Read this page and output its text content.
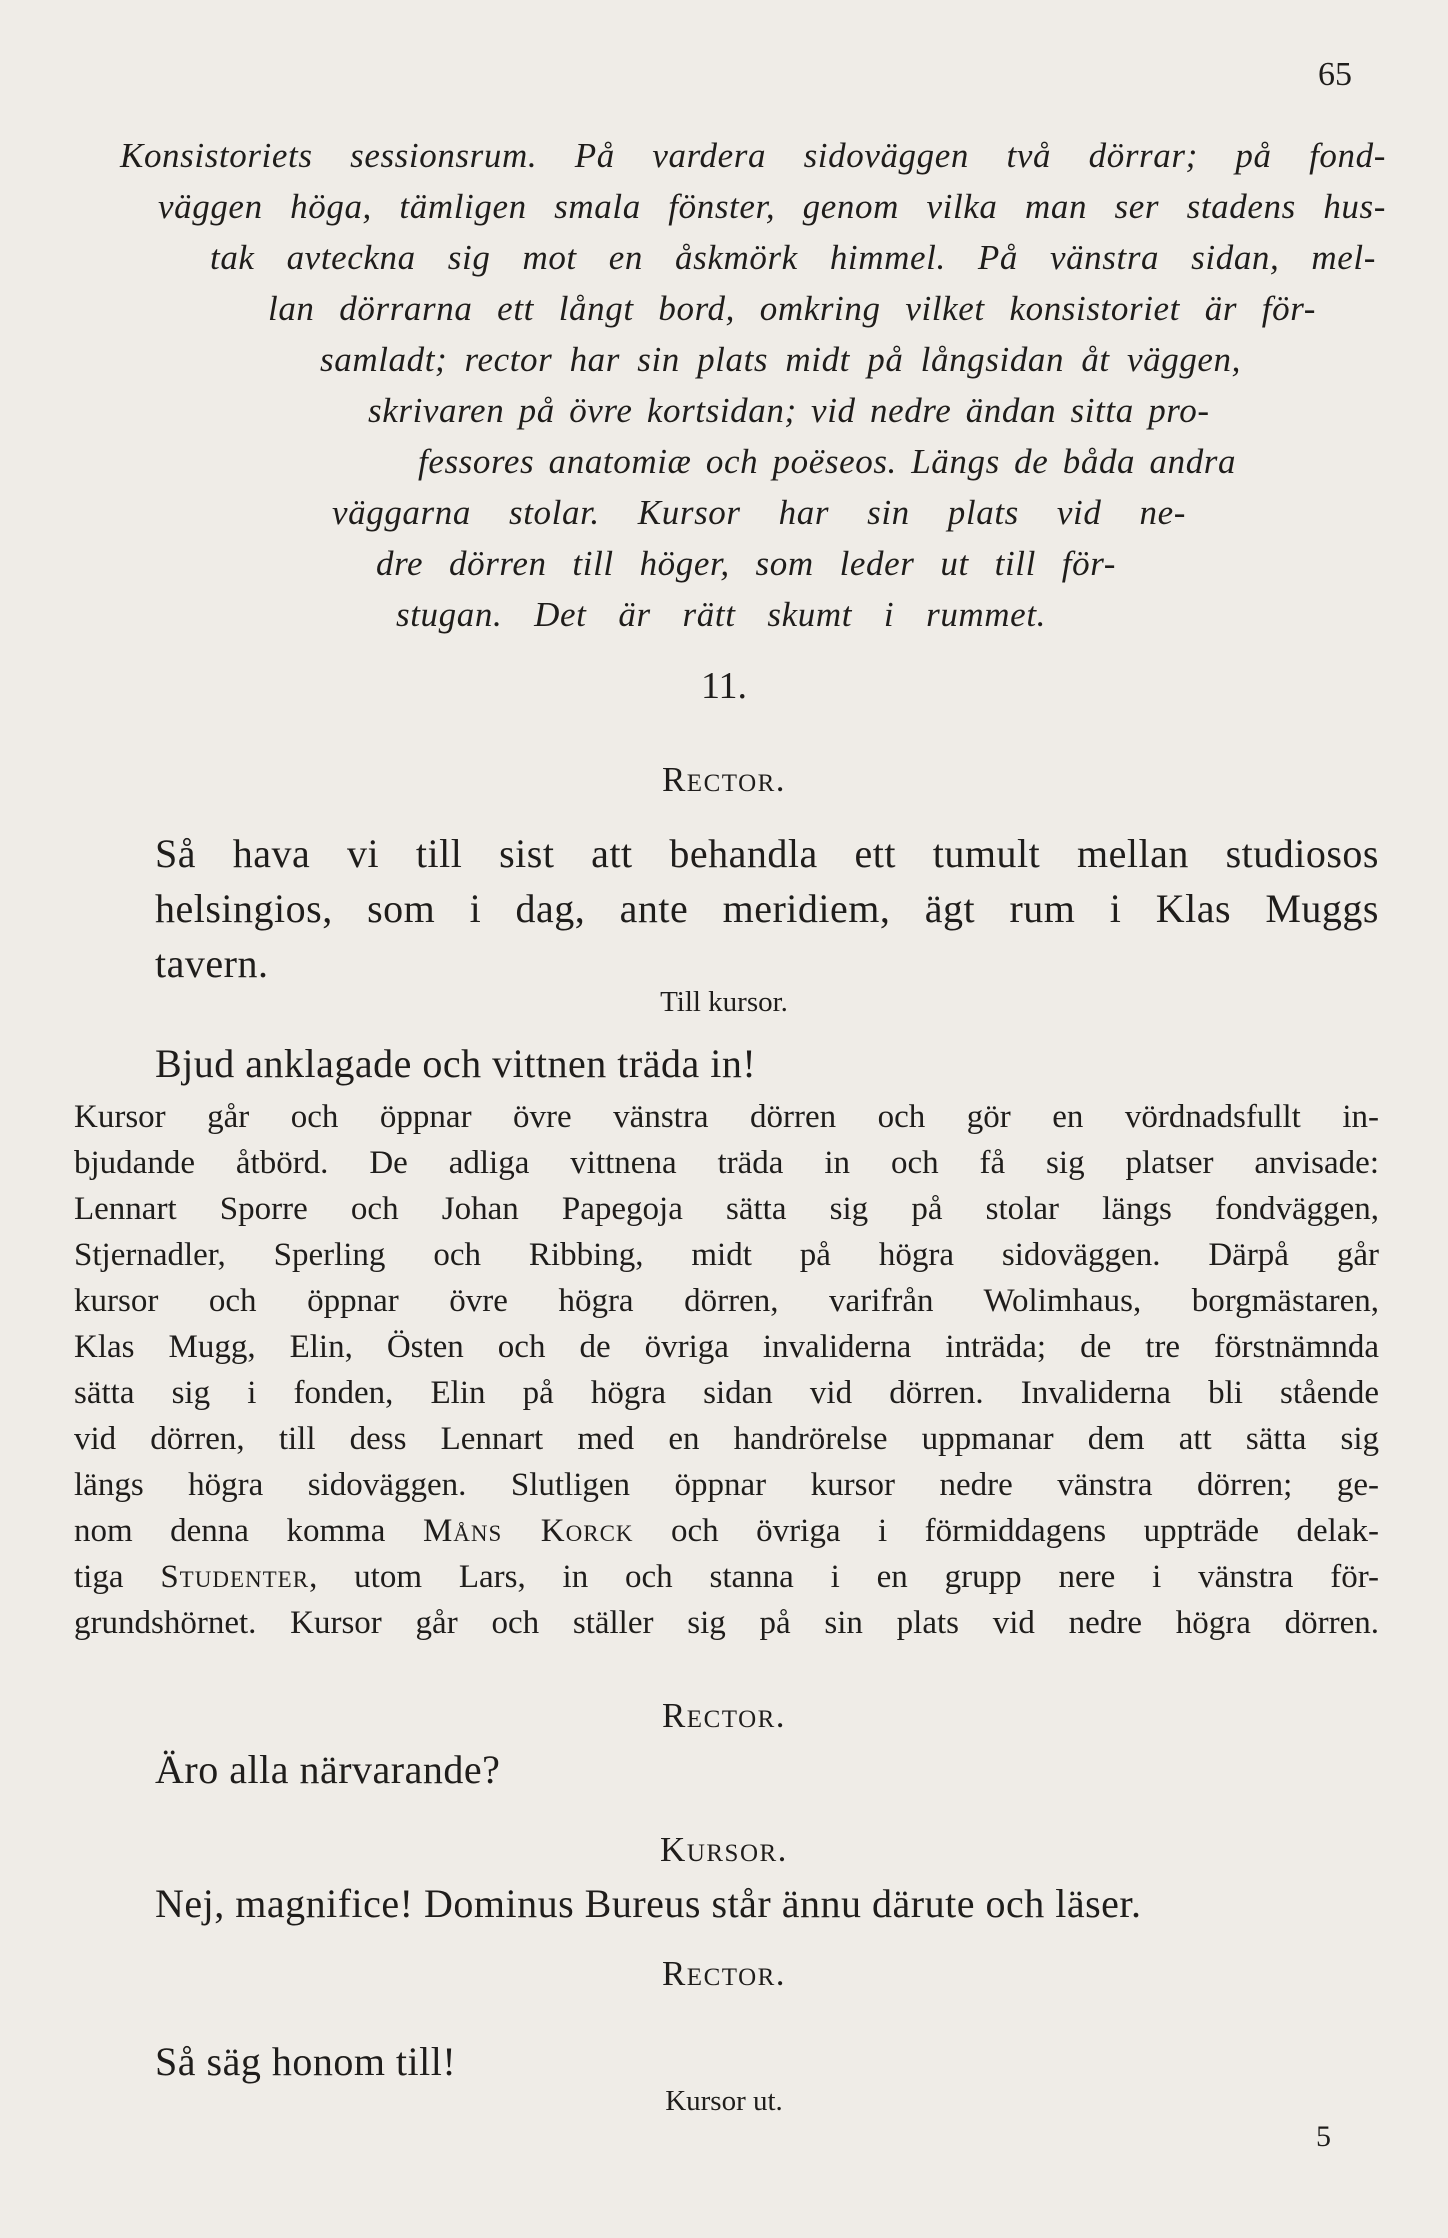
65
Konsistoriets sessionsrum. På vardera sidoväggen två dörrar; på fond-
väggen höga, tämligen smala fönster, genom vilka man ser stadens hus-
tak avteckna sig mot en åskmörk himmel. På vänstra sidan, mel-
lan dörrarna ett långt bord, omkring vilket konsistoriet är för-
samladt; rector har sin plats midt på långsidan åt väggen,
skrivaren på övre kortsidan; vid nedre ändan sitta pro-
fessores anatomiæ och poëseos. Längs de båda andra
väggarna stolar. Kursor har sin plats vid ne-
dre dörren till höger, som leder ut till för-
stugan. Det är rätt skumt i rummet.
11.
Rector.
Så hava vi till sist att behandla ett tumult mellan studiosos
helsingios, som i dag, ante meridiem, ägt rum i Klas Muggs
tavern.
Till kursor.
Bjud anklagade och vittnen träda in!
Kursor går och öppnar övre vänstra dörren och gör en vördnadsfullt in-
bjudande åtbörd. De adliga vittnena träda in och få sig platser anvisade:
Lennart Sporre och Johan Papegoja sätta sig på stolar längs fondväggen,
Stjernadler, Sperling och Ribbing, midt på högra sidoväggen. Därpå går
kursor och öppnar övre högra dörren, varifrån Wolimhaus, borgmästaren,
Klas Mugg, Elin, Östen och de övriga invaliderna inträda; de tre förstnämnda
sätta sig i fonden, Elin på högra sidan vid dörren. Invaliderna bli stående
vid dörren, till dess Lennart med en handrörelse uppmanar dem att sätta sig
längs högra sidoväggen. Slutligen öppnar kursor nedre vänstra dörren; ge-
nom denna komma Måns Korck och övriga i förmiddagens uppträde delak-
tiga Studenter, utom Lars, in och stanna i en grupp nere i vänstra för-
grundshörnet. Kursor går och ställer sig på sin plats vid nedre högra dörren.
Rector.
Äro alla närvarande?
Kursor.
Nej, magnifice! Dominus Bureus står ännu därute och läser.
Rector.
Så säg honom till!
Kursor ut.
5
